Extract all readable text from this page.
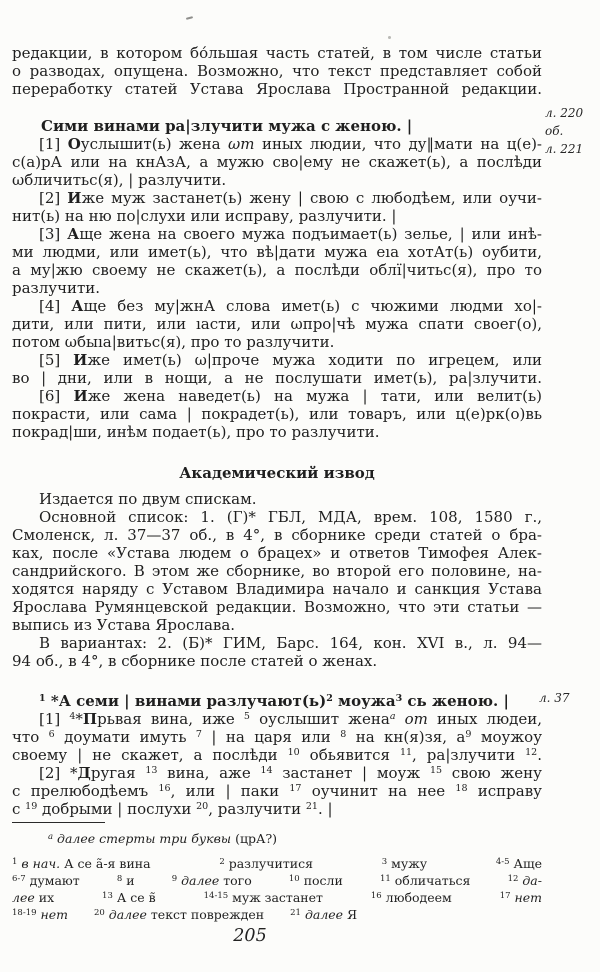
редакции, в котором бо́льшая часть статей, в том числе статьи
о разводах, опущена. Возможно, что текст представляет собой
переработку статей Устава Ярослава Пространной редакции.
Сими винами ра|злучити мужа с женою. |
[1] Оуслышит(ь) жена ωт иных людии, что ду‖мати на ц(е)-
с(а)рА или на кнАзА, а мужю сво|ему не скажет(ь), а послѣди
ωбличитьс(я), | разлучити.
[2] Иже муж застанет(ь) жену | свою с любодѣем, или оучи-
нит(ь) на ню по|слухи или исправу, разлучити. |
[3] Аще жена на своего мужа подъимает(ь) зелье, | или инѣ-
ми людми, или имет(ь), что вѣ|дати мужа еıа хотАт(ь) оубити,
а му|жю своему не скажет(ь), а послѣди облї|читьс(я), про то
разлучити.
[4] Аще без му|жнА слова имет(ь) с чюжими людми хо|-
дити, или пити, или ıасти, или ωпро|чѣ мужа спати своег(о),
потом ωбыıа|витьс(я), про то разлучити.
[5] Иже имет(ь) ω|проче мужа ходити по игрецем, или
во | дни, или в нощи, а не послушати имет(ь), ра|злучити.
[6] Иже жена наведет(ь) на мужа | тати, или велит(ь)
покрасти, или сама | покрадет(ь), или товаръ, или ц(е)рк(о)вь
покрад|ши, инѣм подает(ь), про то разлучити.
л. 220
об.
л. 221
Академический извод
Издается по двум спискам.
Основной список: 1. (Г)* ГБЛ, МДА, врем. 108, 1580 г.,
Смоленск, л. 37—37 об., в 4°, в сборнике среди статей о бра-
ках, после «Устава людем о брацех» и ответов Тимофея Алек-
сандрийского. В этом же сборнике, во второй его половине, на-
ходятся наряду с Уставом Владимира начало и санкция Устава
Ярослава Румянцевской редакции. Возможно, что эти статьи —
выпись из Устава Ярослава.
В вариантах: 2. (Б)* ГИМ, Барс. 164, кон. XVI в., л. 94—
94 об., в 4°, в сборнике после статей о женах.
$^1$ *А семи | винами $разлучают(ь)^2$ моужа$^3$ сь женою. |
[1] $^4$*Прьвая вина, иже $^5$ оуслышит жена$^а$ от иных людеи,
что $^6$ доумати имуть $^7$ | на царя или $^8$ на кн(я)зя, $а^9$ моужоу
своему | не скажет, а послѣди $^{10}$ обьявится $^{11}$, ра|злучити $^{12}$.
[2] *Другая $^{13}$ вина, аже $^{14}$ застанет | моуж $^{15}$ свою жену
с прелюбодѣемъ $^{16}$, или | паки $^{17}$ оучинит на нее $^{18}$ исправу
с $^{19}$ добрыми | послухи $^{20}$, разлучити $^{21}$. |
л. 37
$^а$ далее стерты три буквы (црА?)
$^1$ в нач. А се а̃-я вина	$^2$ разлучитися	$^3$ мужу	$^{4-5}$ Аще
$^{6-7}$ думают	$^8$ и	$^9$ далее того	$^{10}$ посли	$^{11}$ обличаться	$^{12}$ да-
лее их	$^{13}$ А се в̃	$^{14-15}$ муж застанет	$^{16}$ любодеем	$^{17}$ нет
$^{18-19}$ нет	$^{20}$ далее текст поврежден	$^{21}$ далее Я
205
